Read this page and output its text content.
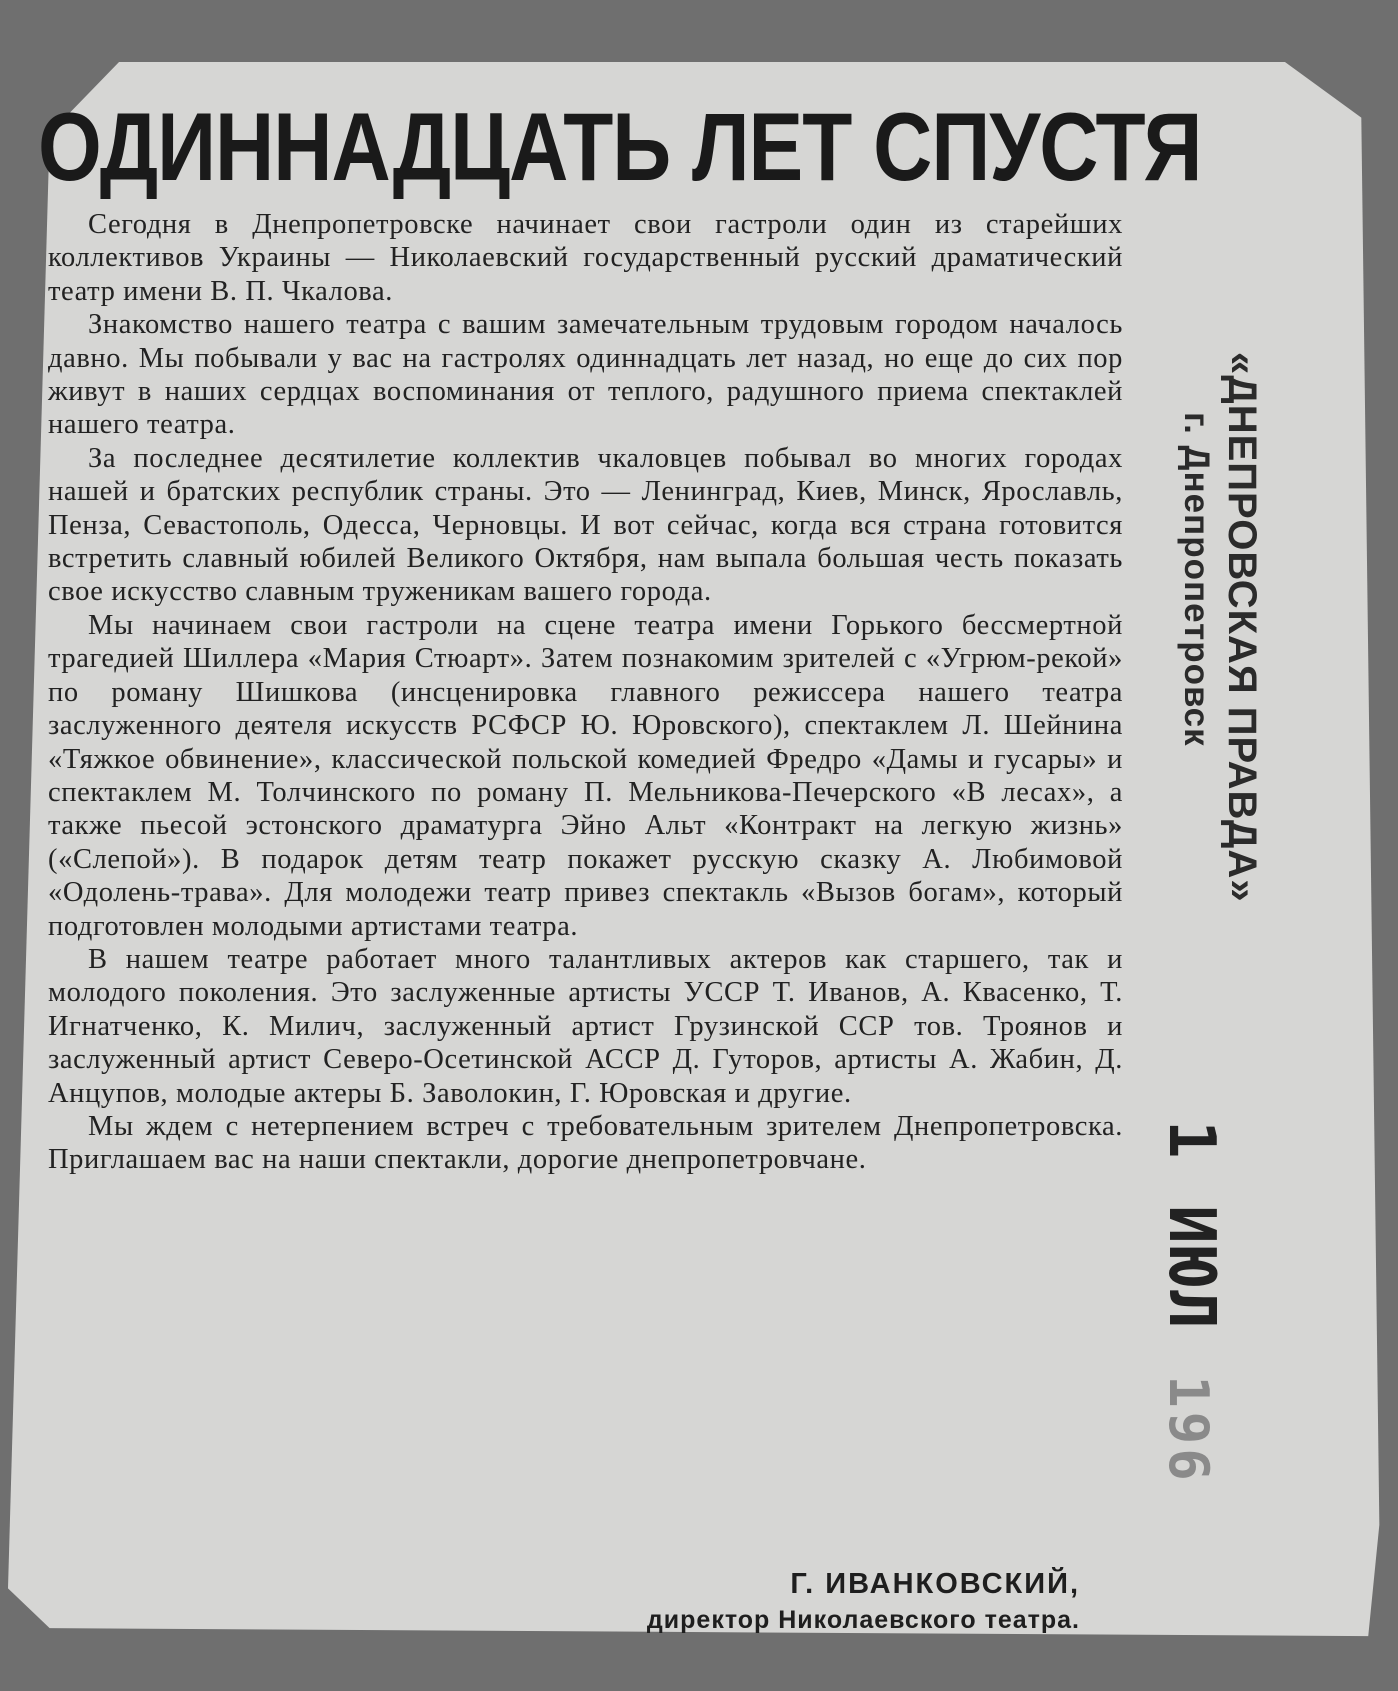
ОДИННАДЦАТЬ ЛЕТ СПУСТЯ

Сегодня в Днепропетровске начинает свои гастроли один из старейших коллективов Украины — Николаевский государственный русский драматический театр имени В. П. Чкалова.

Знакомство нашего театра с вашим замечательным трудовым городом началось давно. Мы побывали у вас на гастролях одиннадцать лет назад, но еще до сих пор живут в наших сердцах воспоминания от теплого, радушного приема спектаклей нашего театра.

За последнее десятилетие коллектив чкаловцев побывал во многих городах нашей и братских республик страны. Это — Ленинград, Киев, Минск, Ярославль, Пенза, Севастополь, Одесса, Черновцы. И вот сейчас, когда вся страна готовится встретить славный юбилей Великого Октября, нам выпала большая честь показать свое искусство славным труженикам вашего города.

Мы начинаем свои гастроли на сцене театра имени Горького бессмертной трагедией Шиллера «Мария Стюарт». Затем познакомим зрителей с «Угрюм-рекой» по роману Шишкова (инсценировка главного режиссера нашего театра заслуженного деятеля искусств РСФСР Ю. Юровского), спектаклем Л. Шейнина «Тяжкое обвинение», классической польской комедией Фредро «Дамы и гусары» и спектаклем М. Толчинского по роману П. Мельникова-Печерского «В лесах», а также пьесой эстонского драматурга Эйно Альт «Контракт на легкую жизнь» («Слепой»). В подарок детям театр покажет русскую сказку А. Любимовой «Одолень-трава». Для молодежи театр привез спектакль «Вызов богам», который подготовлен молодыми артистами театра.

В нашем театре работает много талантливых актеров как старшего, так и молодого поколения. Это заслуженные артисты УССР Т. Иванов, А. Квасенко, Т. Игнатченко, К. Милич, заслуженный артист Грузинской ССР тов. Троянов и заслуженный артист Северо-Осетинской АССР Д. Гуторов, артисты А. Жабин, Д. Анцупов, молодые актеры Б. Заволокин, Г. Юровская и другие.

Мы ждем с нетерпением встреч с требовательным зрителем Днепропетровска. Приглашаем вас на наши спектакли, дорогие днепропетровчане.

Г. ИВАНКОВСКИЙ,
директор Николаевского театра.
«ДНЕПРОВСКАЯ ПРАВДА»
г. Днепропетровск
1 ИЮЛ 196
